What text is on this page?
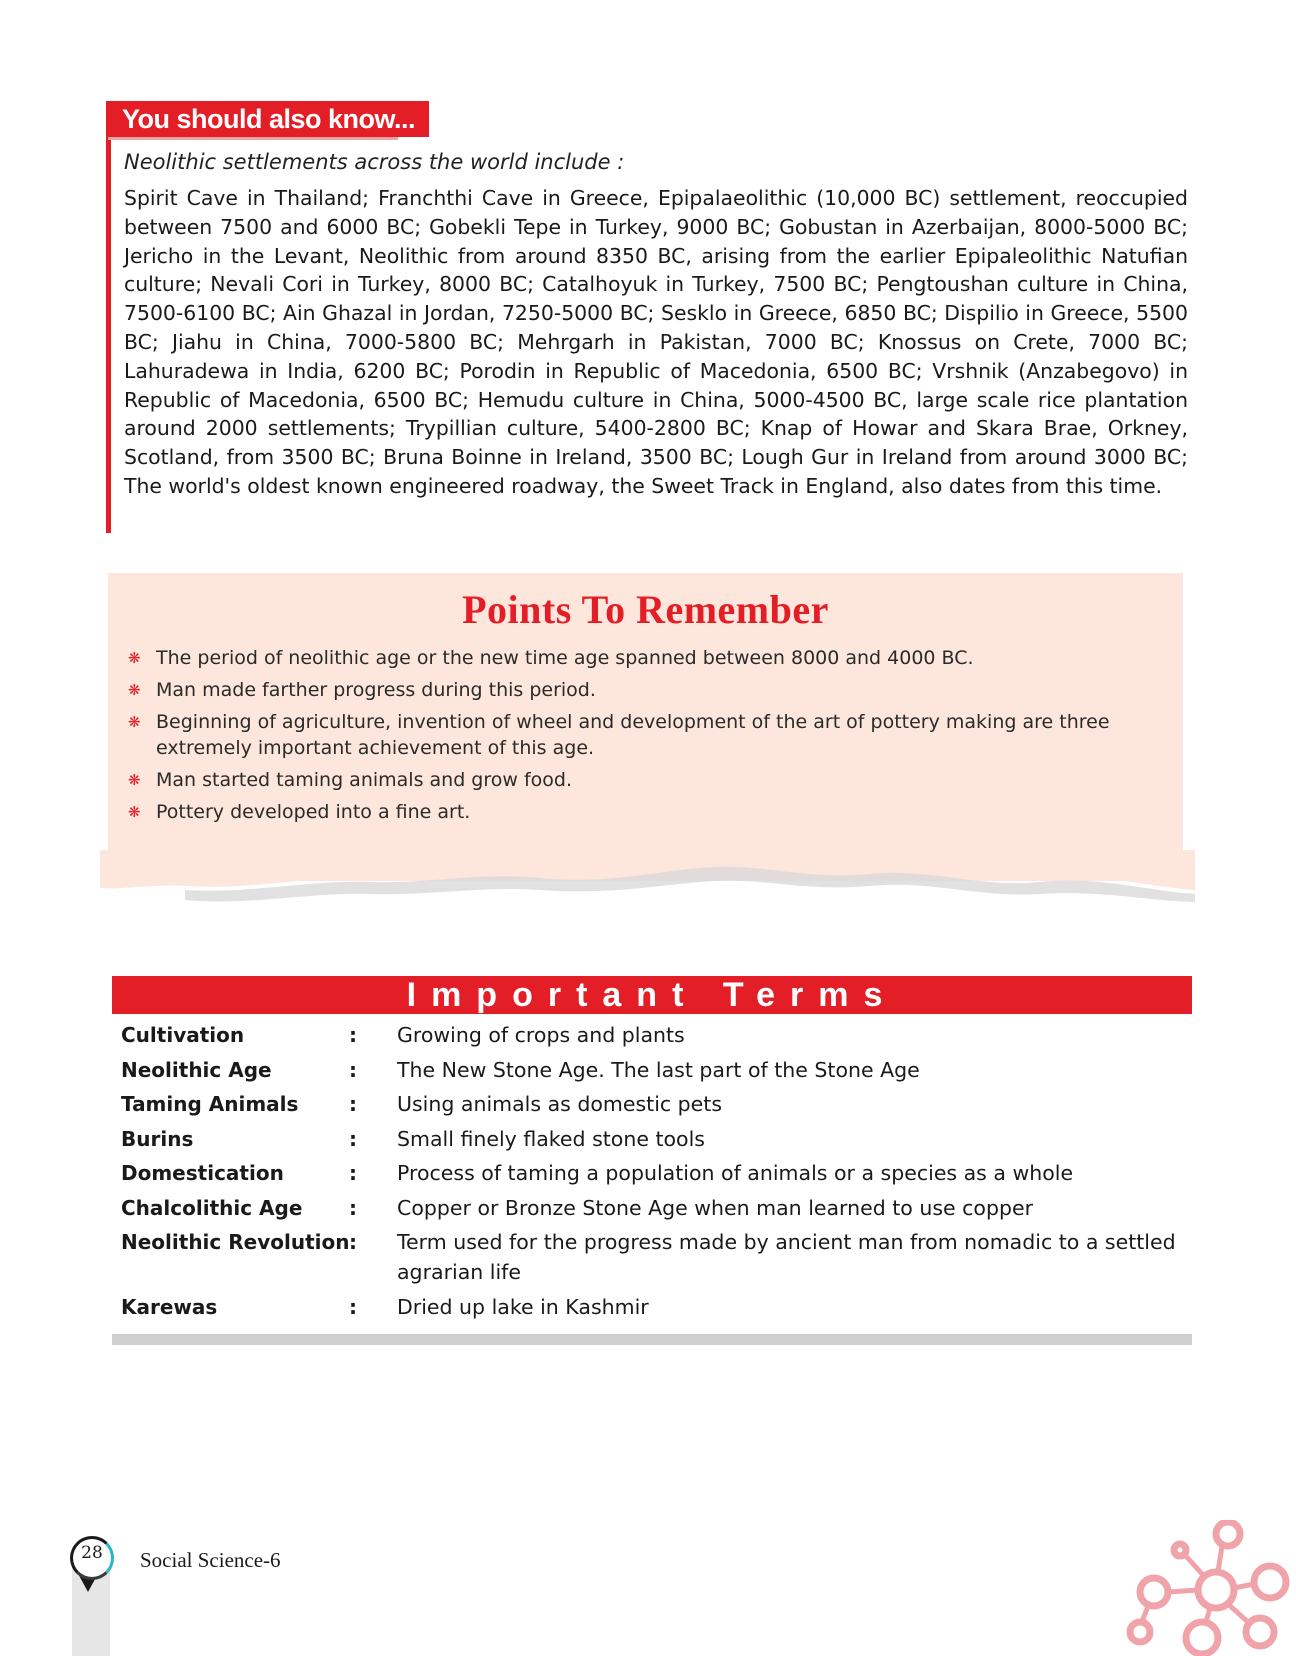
You should also know...
Neolithic settlements across the world include :
Spirit Cave in Thailand; Franchthi Cave in Greece, Epipalaeolithic (10,000 BC) settlement, reoccupied between 7500 and 6000 BC; Gobekli Tepe in Turkey, 9000 BC; Gobustan in Azerbaijan, 8000-5000 BC; Jericho in the Levant, Neolithic from around 8350 BC, arising from the earlier Epipaleolithic Natufian culture; Nevali Cori in Turkey, 8000 BC; Catalhoyuk in Turkey, 7500 BC; Pengtoushan culture in China, 7500-6100 BC; Ain Ghazal in Jordan, 7250-5000 BC; Sesklo in Greece, 6850 BC; Dispilio in Greece, 5500 BC; Jiahu in China, 7000-5800 BC; Mehrgarh in Pakistan, 7000 BC; Knossus on Crete, 7000 BC; Lahuradewa in India, 6200 BC; Porodin in Republic of Macedonia, 6500 BC; Vrshnik (Anzabegovo) in Republic of Macedonia, 6500 BC; Hemudu culture in China, 5000-4500 BC, large scale rice plantation around 2000 settlements; Trypillian culture, 5400-2800 BC; Knap of Howar and Skara Brae, Orkney, Scotland, from 3500 BC; Bruna Boinne in Ireland, 3500 BC; Lough Gur in Ireland from around 3000 BC; The world's oldest known engineered roadway, the Sweet Track in England, also dates from this time.
Points To Remember
❋ The period of neolithic age or the new time age spanned between 8000 and 4000 BC.
❋ Man made farther progress during this period.
❋ Beginning of agriculture, invention of wheel and development of the art of pottery making are three extremely important achievement of this age.
❋ Man started taming animals and grow food.
❋ Pottery developed into a fine art.
Important Terms
Cultivation	: Growing of crops and plants
Neolithic Age	: The New Stone Age. The last part of the Stone Age
Taming Animals	: Using animals as domestic pets
Burins	: Small finely flaked stone tools
Domestication	: Process of taming a population of animals or a species as a whole
Chalcolithic Age : Copper or Bronze Stone Age when man learned to use copper
Neolithic Revolution : Term used for the progress made by ancient man from nomadic to a settled agrarian life
Karewas	: Dried up lake in Kashmir
28	Social Science-6
